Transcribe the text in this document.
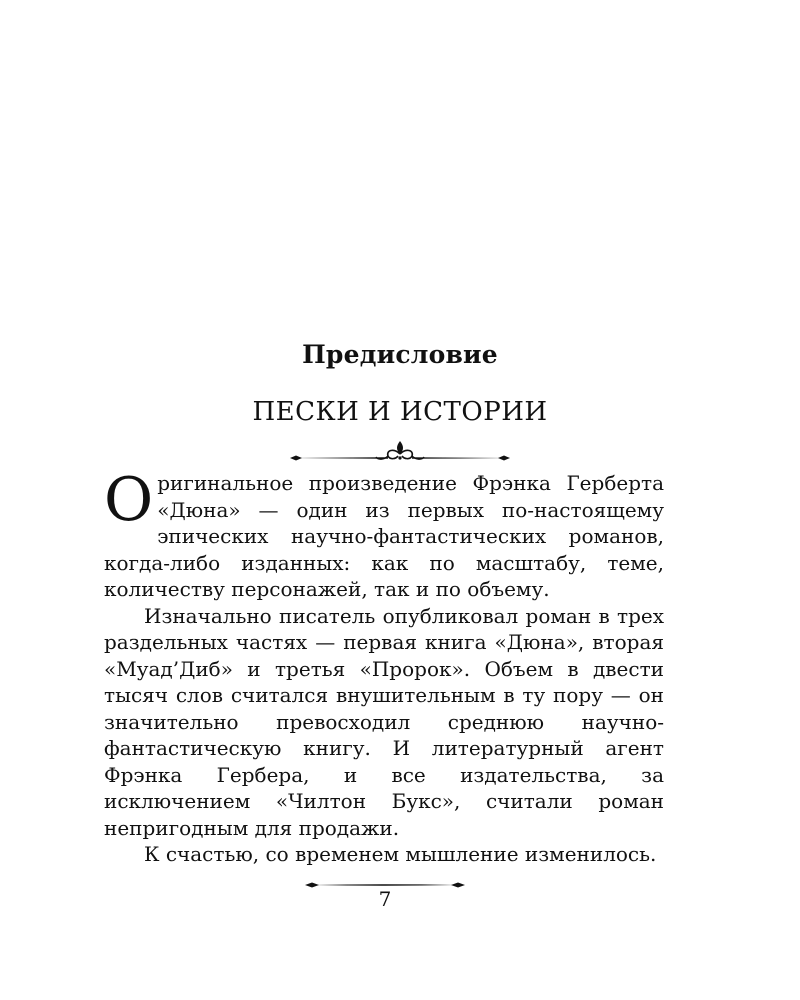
Предисловие
ПЕСКИ И ИСТОРИИ

Оригинальное произведение Фрэнка Герберта «Дюна» — один из первых по-настоящему эпических научно-фантастических романов, когда-либо изданных: как по масштабу, теме, количеству персонажей, так и по объему.

Изначально писатель опубликовал роман в трех раздельных частях — первая книга «Дюна», вторая «Муад’Диб» и третья «Пророк». Объем в двести тысяч слов считался внушительным в ту пору — он значительно превосходил среднюю научно-фантастическую книгу. И литературный агент Фрэнка Гербера, и все издательства, за исключением «Чилтон Букс», считали роман непригодным для продажи.

К счастью, со временем мышление изменилось.

7
